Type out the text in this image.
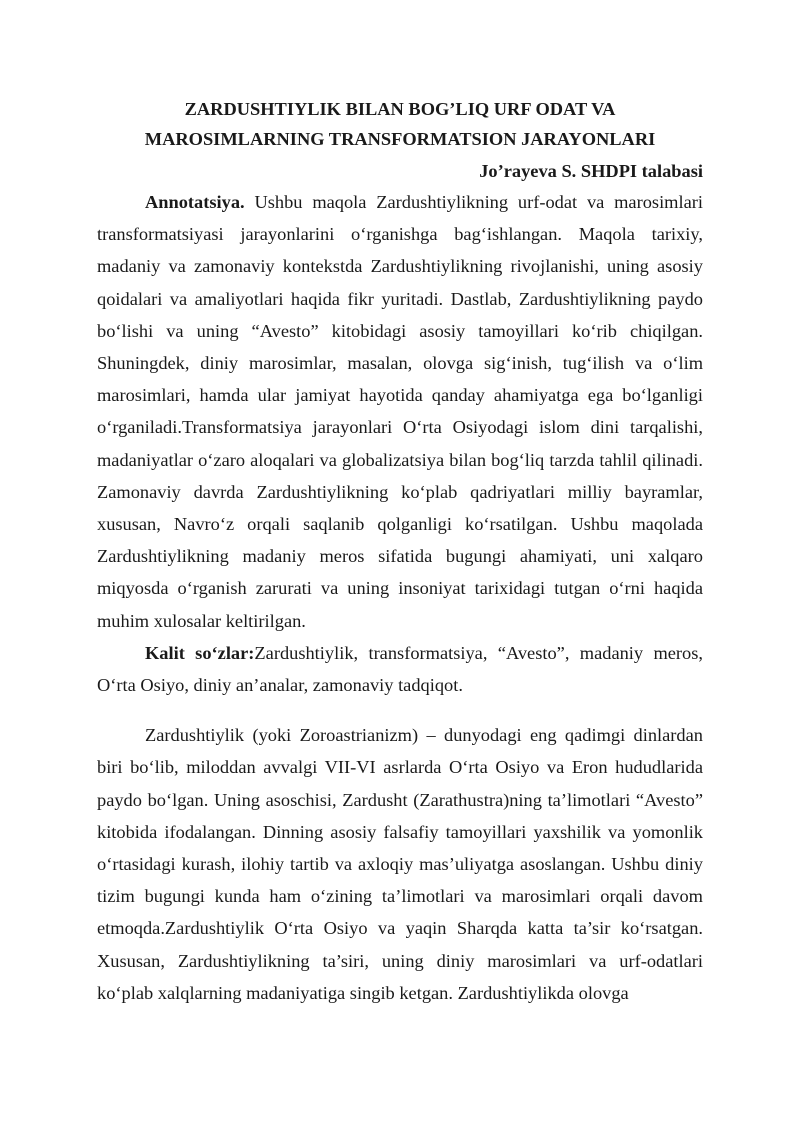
ZARDUSHTIYLIK BILAN BOG’LIQ URF ODAT VA

MAROSIMLARNING TRANSFORMATSION JARAYONLARI

Jo’rayeva S. SHDPI talabasi

Annotatsiya. Ushbu maqola Zardushtiylikning urf-odat va marosimlari transformatsiyasi jarayonlarini o‘rganishga bag‘ishlangan. Maqola tarixiy, madaniy va zamonaviy kontekstda Zardushtiylikning rivojlanishi, uning asosiy qoidalari va amaliyotlari haqida fikr yuritadi. Dastlab, Zardushtiylikning paydo bo‘lishi va uning “Avesto” kitobidagi asosiy tamoyillari ko‘rib chiqilgan. Shuningdek, diniy marosimlar, masalan, olovga sig‘inish, tug‘ilish va o‘lim marosimlari, hamda ular jamiyat hayotida qanday ahamiyatga ega bo‘lganligi o‘rganiladi.Transformatsiya jarayonlari O‘rta Osiyodagi islom dini tarqalishi, madaniyatlar o‘zaro aloqalari va globalizatsiya bilan bog‘liq tarzda tahlil qilinadi. Zamonaviy davrda Zardushtiylikning ko‘plab qadriyatlari milliy bayramlar, xususan, Navro‘z orqali saqlanib qolganligi ko‘rsatilgan. Ushbu maqolada Zardushtiylikning madaniy meros sifatida bugungi ahamiyati, uni xalqaro miqyosda o‘rganish zarurati va uning insoniyat tarixidagi tutgan o‘rni haqida muhim xulosalar keltirilgan.

Kalit so‘zlar:Zardushtiylik, transformatsiya, “Avesto”, madaniy meros, O‘rta Osiyo, diniy an’analar, zamonaviy tadqiqot.

Zardushtiylik (yoki Zoroastrianizm) – dunyodagi eng qadimgi dinlardan biri bo‘lib, miloddan avvalgi VII-VI asrlarda O‘rta Osiyo va Eron hududlarida paydo bo‘lgan. Uning asoschisi, Zardusht (Zarathustra)ning ta’limotlari “Avesto” kitobida ifodalangan. Dinning asosiy falsafiy tamoyillari yaxshilik va yomonlik o‘rtasidagi kurash, ilohiy tartib va axloqiy mas’uliyatga asoslangan. Ushbu diniy tizim bugungi kunda ham o‘zining ta’limotlari va marosimlari orqali davom etmoqda.Zardushtiylik O‘rta Osiyo va yaqin Sharqda katta ta’sir ko‘rsatgan. Xususan, Zardushtiylikning ta’siri, uning diniy marosimlari va urf-odatlari ko‘plab xalqlarning madaniyatiga singib ketgan. Zardushtiylikda olovga
